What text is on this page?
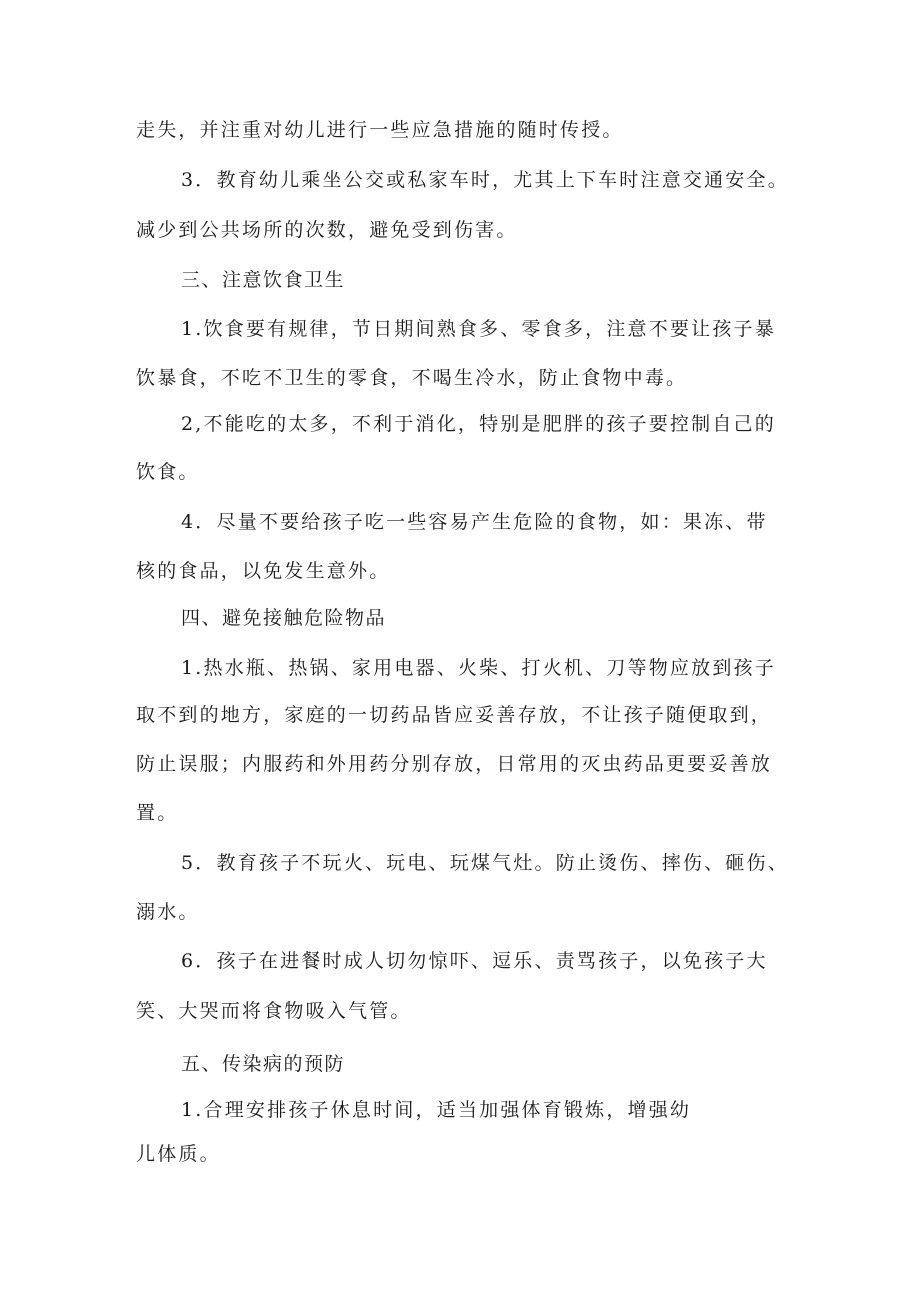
走失，并注重对幼儿进行一些应急措施的随时传授。
3．教育幼儿乘坐公交或私家车时，尤其上下车时注意交通安全。
减少到公共场所的次数，避免受到伤害。
三、注意饮食卫生
1.饮食要有规律，节日期间熟食多、零食多，注意不要让孩子暴
饮暴食，不吃不卫生的零食，不喝生冷水，防止食物中毒。
2,不能吃的太多，不利于消化，特别是肥胖的孩子要控制自己的
饮食。
4．尽量不要给孩子吃一些容易产生危险的食物，如：果冻、带
核的食品，以免发生意外。
四、避免接触危险物品
1.热水瓶、热锅、家用电器、火柴、打火机、刀等物应放到孩子
取不到的地方，家庭的一切药品皆应妥善存放，不让孩子随便取到，
防止误服；内服药和外用药分别存放，日常用的灭虫药品更要妥善放
置。
5．教育孩子不玩火、玩电、玩煤气灶。防止烫伤、摔伤、砸伤、
溺水。
6．孩子在进餐时成人切勿惊吓、逗乐、责骂孩子，以免孩子大
笑、大哭而将食物吸入气管。
五、传染病的预防
1.合理安排孩子休息时间，适当加强体育锻炼，增强幼
儿体质。
